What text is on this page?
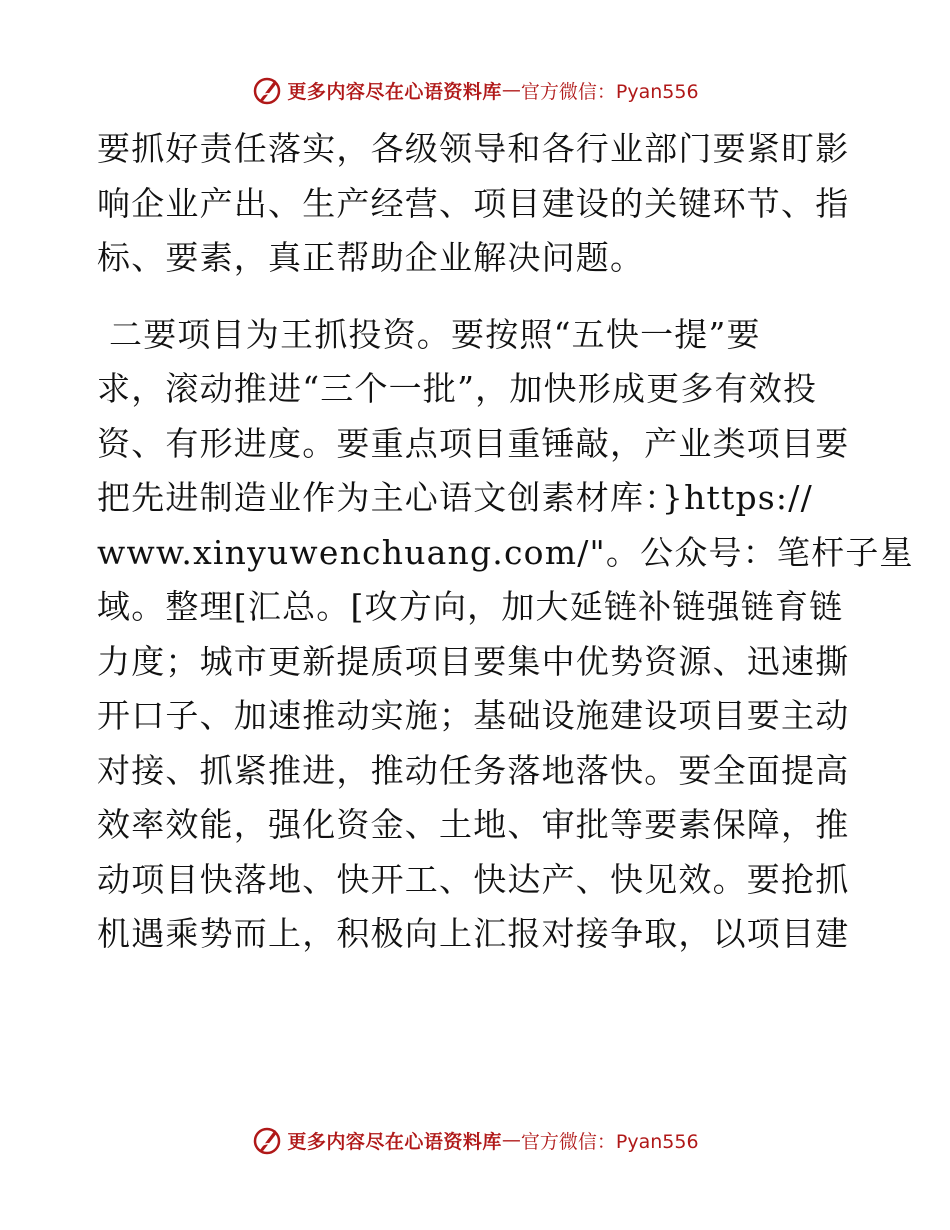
更多内容尽在心语资料库 — 官方微信：Pyan556
要抓好责任落实，各级领导和各行业部门要紧盯影
响企业产出、生产经营、项目建设的关键环节、指
标、要素，真正帮助企业解决问题。
二要项目为王抓投资。要按照“五快一提”要
求，滚动推进“三个一批”，加快形成更多有效投
资、有形进度。要重点项目重锤敲，产业类项目要
把先进制造业作为主心语文创素材库：}https://
www.xinyuwenchuang.com/"。公众号：笔杆子星
域。整理[汇总。[攻方向，加大延链补链强链育链
力度；城市更新提质项目要集中优势资源、迅速撕
开口子、加速推动实施；基础设施建设项目要主动
对接、抓紧推进，推动任务落地落快。要全面提高
效率效能，强化资金、土地、审批等要素保障，推
动项目快落地、快开工、快达产、快见效。要抢抓
机遇乘势而上，积极向上汇报对接争取，以项目建
更多内容尽在心语资料库 — 官方微信：Pyan556
